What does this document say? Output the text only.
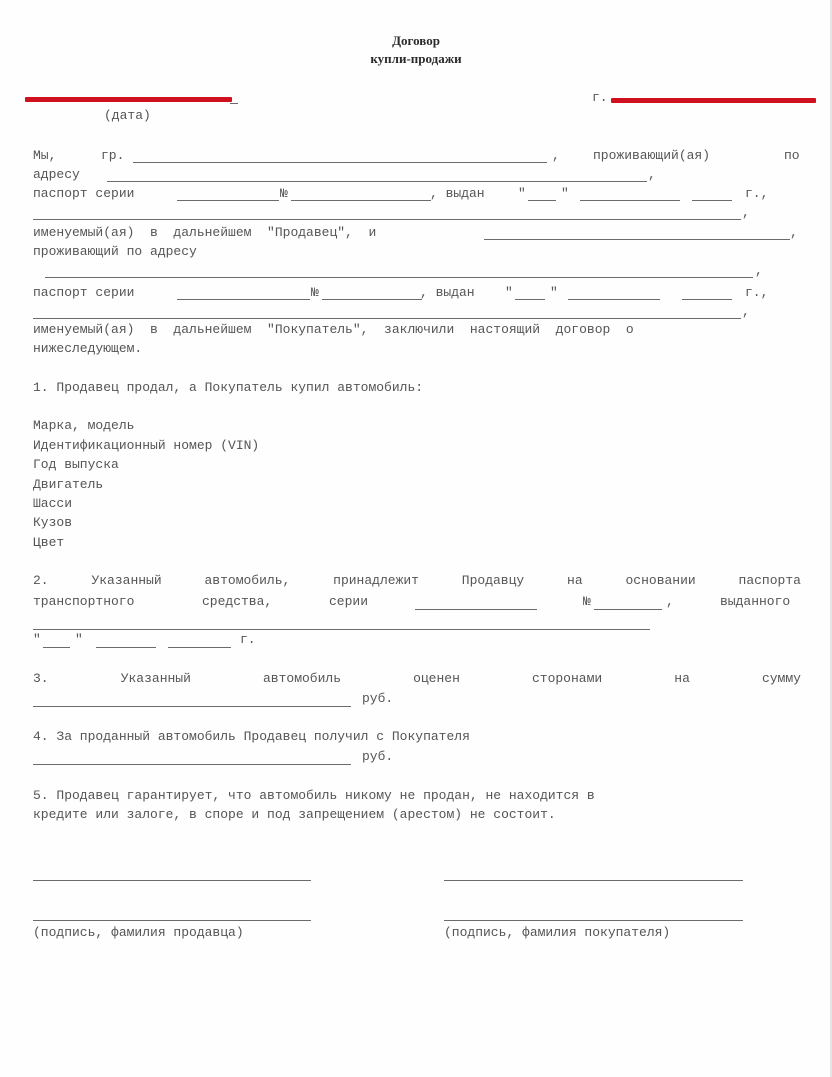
Договор
купли-продажи
(дата)
г.
Мы,	гр.	,	проживающий(ая)	по
адресу	,
паспорт серии	№	, выдан	"	"	г.,
,
именуемый(ая)  в  дальнейшем  "Продавец",  и	,
проживающий по адресу
,
паспорт серии	№	, выдан "	"	г.,
,
именуемый(ая)  в  дальнейшем  "Покупатель",  заключили  настоящий  договор  о
нижеследующем.
1. Продавец продал, а Покупатель купил автомобиль:
Марка, модель
Идентификационный номер (VIN)
Год выпуска
Двигатель
Шасси
Кузов
Цвет
2.	Указанный	автомобиль,	принадлежит	Продавцу	на	основании	паспорта
транспортного	средства,	серии	№	,	выданного
"	"	г.
3.	Указанный	автомобиль	оценен	сторонами	на	сумму
руб.
4. За проданный автомобиль Продавец получил с Покупателя
руб.
5. Продавец гарантирует, что автомобиль никому не продан, не находится в
кредите или залоге, в споре и под запрещением (арестом) не состоит.
(подпись, фамилия продавца)	(подпись, фамилия покупателя)
